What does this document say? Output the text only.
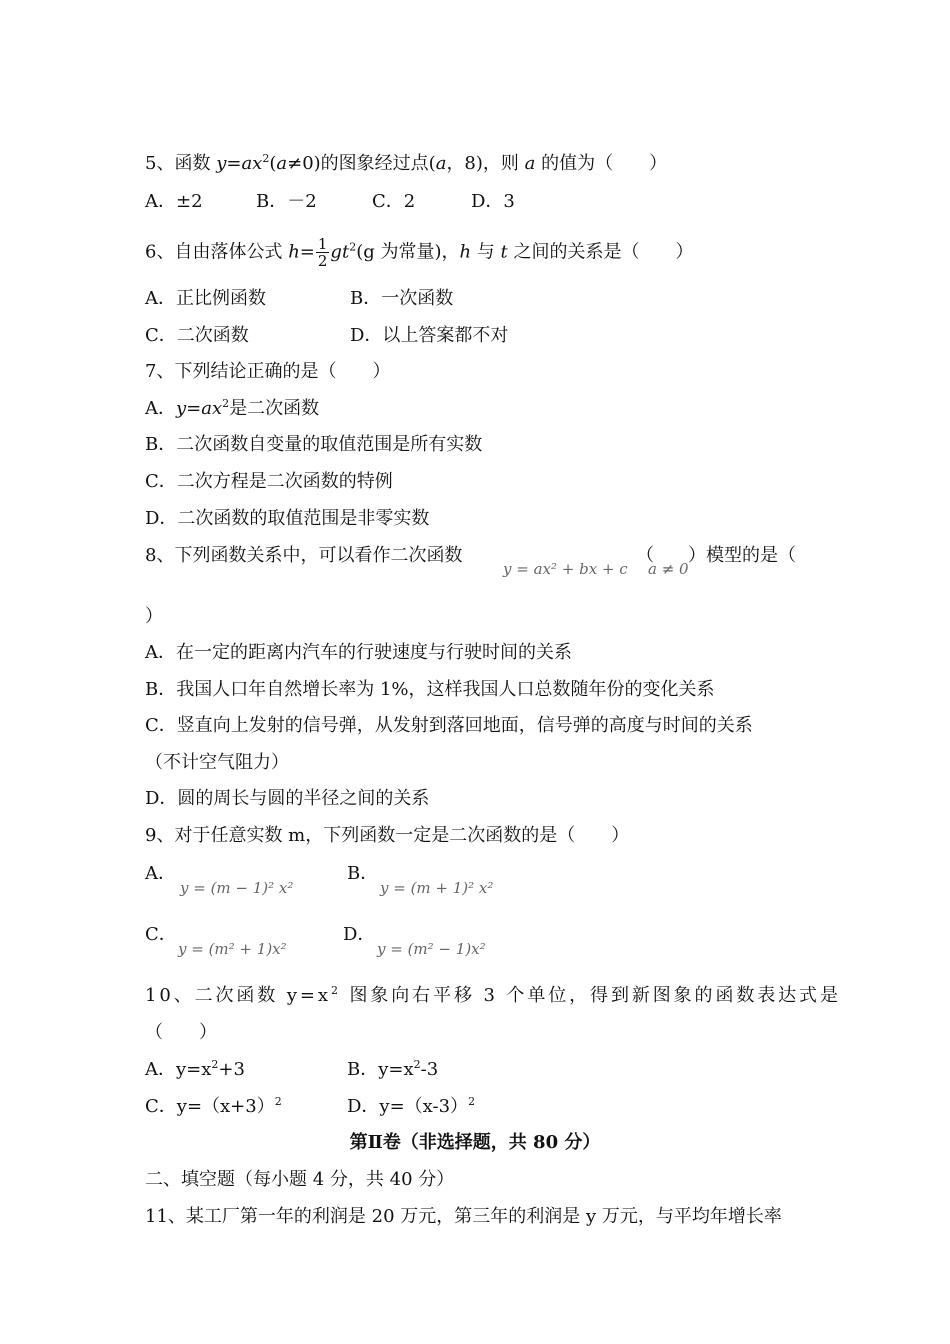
5、函数 $y=ax^2(a\ne 0)$的图象经过点(a，8)，则 a 的值为（　　）
A．±2	B．－2	C．2	D．3
6、自由落体公式 $h= \frac{1}{2} gt^2(g$ 为常量)，h 与 t 之间的关系是（　　）
A．正比例函数	B．一次函数
C．二次函数	D．以上答案都不对
7、下列结论正确的是（　　）
A．$y=ax^2$是二次函数
B．二次函数自变量的取值范围是所有实数
C．二次方程是二次函数的特例
D．二次函数的取值范围是非零实数
8、下列函数关系中，可以看作二次函数
y = ax² + bx + c
（
a ≠ 0
）模型的是（
）
A．在一定的距离内汽车的行驶速度与行驶时间的关系
B．我国人口年自然增长率为 1%，这样我国人口总数随年份的变化关系
C．竖直向上发射的信号弹，从发射到落回地面，信号弹的高度与时间的关系
（不计空气阻力）
D．圆的周长与圆的半径之间的关系
9、对于任意实数 m，下列函数一定是二次函数的是（　　）
A．
y = (m − 1)² x²
B．
y = (m + 1)² x²
C．
y = (m² + 1)x²
D．
y = (m² − 1)x²
10、二次函数 $y=x^2$ 图象向右平移 3 个单位，得到新图象的函数表达式是
（　　）
A．$y=x^2+3$	B．$y=x^2-3$
C．$y=(x+3)^2$	D．$y=(x-3)^2$
第Ⅱ卷（非选择题，共 80 分）
二、填空题（每小题 4 分，共 40 分）
11、某工厂第一年的利润是 20 万元，第三年的利润是 y 万元，与平均年增长率
